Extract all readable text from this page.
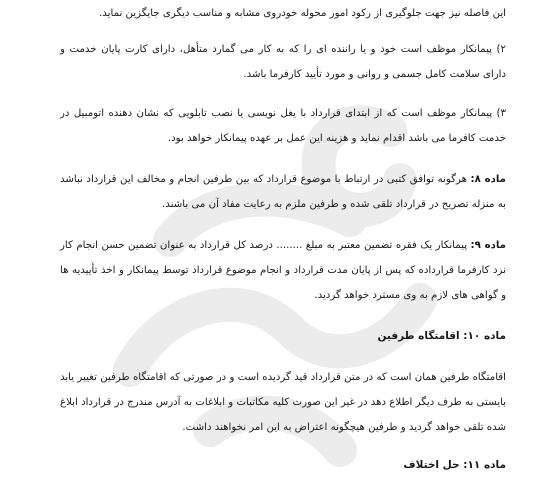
این فاصله نیز جهت جلوگیری از رکود امور محوله خودروی مشابه و مناسب دیگری جایگزین نماید.
۲) پیمانکار موظف است خود و یا راننده ای را که به کار می گمارد متأهل، دارای کارت پایان خدمت و دارای سلامت کامل جسمی و روانی و مورد تأیید کارفرما باشد.
۳) پیمانکار موظف است که از ابتدای قرارداد با یغل نویسی یا نصب تابلویی که نشان دهنده اتومبیل در خدمت کافرما می باشد اقدام نماید و هزینه این عمل بر عهده پیمانکار خواهد بود.
ماده ۸: هرگونه توافق کتبی در ارتباط با موضوع قرارداد که بین طرفین انجام و مخالف این قرارداد نباشد به منزله تصریح در قرارداد تلقی شده و طرفین ملزم به رعایت مفاد آن می باشند.
ماده ۹: پیمانکار یک فقره تضمین معتبر به مبلغ ........ درصد کل قرارداد به عنوان تضمین حسن انجام کار نزد کارفرما قرارداده که پس از پایان مدت قرارداد و انجام موضوع قرارداد توسط پیمانکار و اخذ تأییدیه ها و گواهی های لازم به وی مسترد خواهد گردید.
ماده ۱۰: اقامتگاه طرفین
اقامتگاه طرفین همان است که در متن قرارداد قید گردیده است و در صورتی که اقامتگاه طرفین تغییر یابد بایستی به طرف دیگر اطلاع دهد در غیر این صورت کلیه مکاتبات و ابلاغات به آدرس مندرج در قرارداد ابلاغ شده تلقی خواهد گردید و طرفین هیچگونه اعتراض به این امر نخواهند داشت.
ماده ۱۱: حل اختلاف
